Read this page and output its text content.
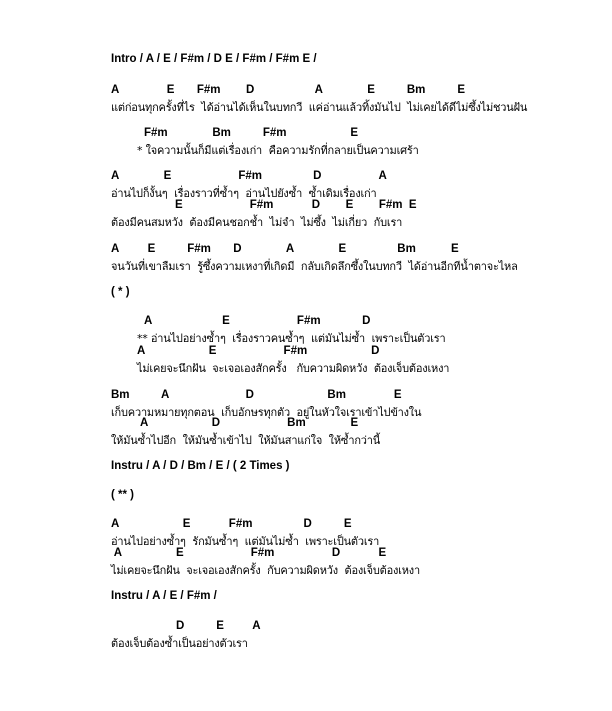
Intro / A / E / F#m / D E / F#m / F#m E /
A               E       F#m        D                   A              E          Bm          E
แต่ก่อนทุกครั้งที่ไร  ได้อ่านได้เห็นในบทกวี  แค่อ่านแล้วทิ้งมันไป  ไม่เคยได้ดีไม่ซึ้งไม่ชวนฝัน
F#m              Bm          F#m                    E
* ใจความนั้นก็มีแต่เรื่องเก่า  คือความรักที่กลายเป็นความเศร้า
A              E                     F#m                D                  A
อ่านไปก็งั้นๆ  เรื่องราวที่ซ้ำๆ  อ่านไปยังซ้ำ  ซ้ำเดิมเรื่องเก่า
E                     F#m            D        E        F#m  E
ต้องมีคนสมหวัง  ต้องมีคนชอกช้ำ  ไม่จำ  ไม่ซึ้ง  ไม่เกี่ยว  กับเรา
A         E          F#m       D              A              E                Bm           E
จนวันที่เขาลืมเรา  รู้ซึ้งความเหงาที่เกิดมี  กลับเกิดลึกซึ้งในบทกวี  ได้อ่านอีกทีน้ำตาจะไหล
( * )
A                      E                     F#m             D
** อ่านไปอย่างซ้ำๆ  เรื่องราวคนซ้ำๆ  แต่มันไม่ซ้ำ  เพราะเป็นตัวเรา
A                    E                     F#m                    D
ไม่เคยจะนึกฝัน  จะเจอเองสักครั้ง   กับความผิดหวัง  ต้องเจ็บต้องเหงา
Bm          A                        D                       Bm               E
เก็บความหมายทุกตอน  เก็บอักษรทุกตัว  อยู่ในหัวใจเราเข้าไปข้างใน
A                    D                     Bm              E
ให้มันซ้ำไปอีก  ให้มันซ้ำเข้าไป  ให้มันสาแก่ใจ  ให้ซ้ำกว่านี้
Instru / A / D / Bm / E / ( 2 Times )
( ** )
A                    E            F#m                D          E
อ่านไปอย่างซ้ำๆ  รักมันซ้ำๆ  แต่มันไม่ซ้ำ  เพราะเป็นตัวเรา
A                 E                     F#m                  D            E
ไม่เคยจะนึกฝัน  จะเจอเองสักครั้ง  กับความผิดหวัง  ต้องเจ็บต้องเหงา
Instru / A / E / F#m /
D          E         A
ต้องเจ็บต้องซ้ำเป็นอย่างตัวเรา
